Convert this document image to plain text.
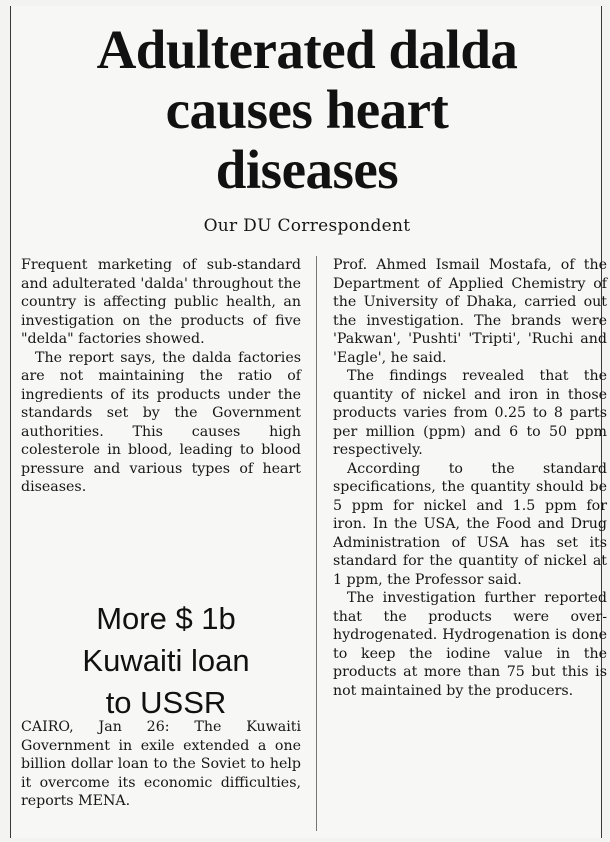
Adulterated dalda
causes heart
diseases
Our DU Correspondent

Frequent marketing of sub-standard and adulterated 'dalda' throughout the country is affecting public health, an investigation on the products of five "delda" factories showed.

The report says, the dalda factories are not maintaining the ratio of ingredients of its products under the standards set by the Government authorities. This causes high colesterole in blood, leading to blood pressure and various types of heart diseases.

Prof. Ahmed Ismail Mostafa, of the Department of Applied Chemistry of the University of Dhaka, carried out the investigation. The brands were 'Pakwan', 'Pushti' 'Tripti', 'Ruchi and 'Eagle', he said.

The findings revealed that the quantity of nickel and iron in those products varies from 0.25 to 8 parts per million (ppm) and 6 to 50 ppm respectively.

According to the standard specifications, the quantity should be 5 ppm for nickel and 1.5 ppm for iron. In the USA, the Food and Drug Administration of USA has set its standard for the quantity of nickel at 1 ppm, the Professor said.

The investigation further reported that the products were over-hydrogenated. Hydrogenation is done to keep the iodine value in the products at more than 75 but this is not maintained by the producers.

More $ 1b
Kuwaiti loan
to USSR

CAIRO, Jan 26: The Kuwaiti Government in exile extended a one billion dollar loan to the Soviet to help it overcome its economic difficulties, reports MENA.
